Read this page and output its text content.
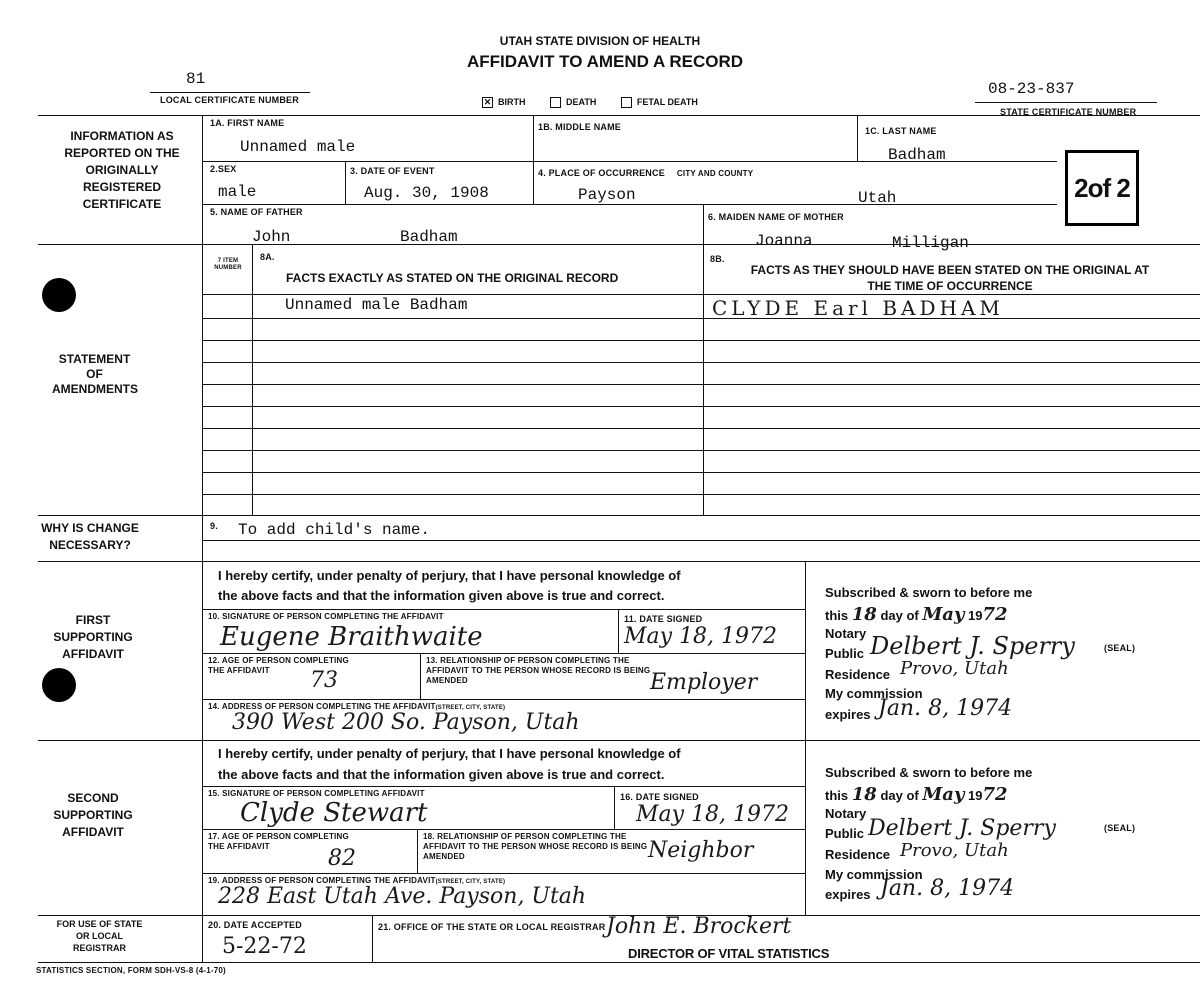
UTAH STATE DIVISION OF HEALTH
AFFIDAVIT TO AMEND A RECORD
81
LOCAL CERTIFICATE NUMBER	✕ BIRTH	DEATH	FETAL DEATH
08-23-837
STATE CERTIFICATE NUMBER
2of 2
INFORMATION AS REPORTED ON THE ORIGINALLY REGISTERED CERTIFICATE
STATEMENT OF AMENDMENTS
WHY IS CHANGE NECESSARY?
FIRST SUPPORTING AFFIDAVIT
SECOND SUPPORTING AFFIDAVIT
FOR USE OF STATE OR LOCAL REGISTRAR
1A. FIRST NAME
Unnamed male
1B. MIDDLE NAME	1C. LAST NAME
Badham
2.SEX
male
3. DATE OF EVENT
Aug. 30, 1908
4. PLACE OF OCCURRENCE CITY AND COUNTY
Payson	Utah
5. NAME OF FATHER
John	Badham
6. MAIDEN NAME OF MOTHER
Joanna	Milligan
7 ITEM NUMBER
8A.
FACTS EXACTLY AS STATED ON THE ORIGINAL RECORD
8B.
FACTS AS THEY SHOULD HAVE BEEN STATED ON THE ORIGINAL AT THE TIME OF OCCURRENCE
Unnamed male Badham	CLYDE Earl BADHAM
9. To add child's name.
I hereby certify, under penalty of perjury, that I have personal knowledge of
the above facts and that the information given above is true and correct.
10. SIGNATURE OF PERSON COMPLETING THE AFFIDAVIT
Eugene Braithwaite
11. DATE SIGNED
May 18, 1972
12. AGE OF PERSON COMPLETING THE AFFIDAVIT	73
13. RELATIONSHIP OF PERSON COMPLETING THE AFFIDAVIT TO THE PERSON WHOSE RECORD IS BEING AMENDED	Employer
14. ADDRESS OF PERSON COMPLETING THE AFFIDAVIT(STREET, CITY, STATE)
390 West 200 So. Payson, Utah
Subscribed & sworn to before me
this 18 day of May 1972
Notary
Public Delbert J. Sperry	(SEAL)
Residence Provo, Utah
My commission
expires Jan. 8, 1974
I hereby certify, under penalty of perjury, that I have personal knowledge of
the above facts and that the information given above is true and correct.
15. SIGNATURE OF PERSON COMPLETING AFFIDAVIT
Clyde Stewart
16. DATE SIGNED
May 18, 1972
17. AGE OF PERSON COMPLETING THE AFFIDAVIT	82
18. RELATIONSHIP OF PERSON COMPLETING THE AFFIDAVIT TO THE PERSON WHOSE RECORD IS BEING AMENDED	Neighbor
19. ADDRESS OF PERSON COMPLETING THE AFFIDAVIT(STREET, CITY, STATE)
228 East Utah Ave. Payson, Utah
Subscribed & sworn to before me
this 18 day of May 1972
Notary
Public Delbert J. Sperry	(SEAL)
Residence Provo, Utah
My commission
expires Jan. 8, 1974
20. DATE ACCEPTED
5-22-72
21. OFFICE OF THE STATE OR LOCAL REGISTRAR John E. Brockert
DIRECTOR OF VITAL STATISTICS
STATISTICS SECTION, FORM SDH-VS-8 (4-1-70)
